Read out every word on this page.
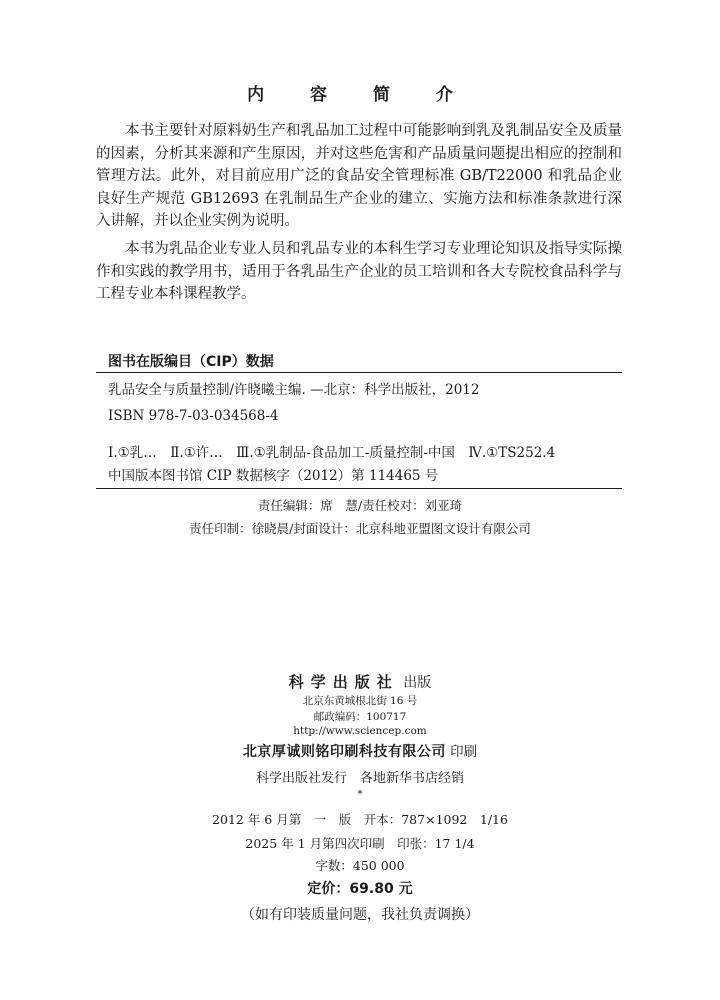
内 容 简 介

本书主要针对原料奶生产和乳品加工过程中可能影响到乳及乳制品安全及质量的因素，分析其来源和产生原因，并对这些危害和产品质量问题提出相应的控制和管理方法。此外，对目前应用广泛的食品安全管理标准 GB/T22000 和乳品企业良好生产规范 GB12693 在乳制品生产企业的建立、实施方法和标准条款进行深入讲解，并以企业实例为说明。

本书为乳品企业专业人员和乳品专业的本科生学习专业理论知识及指导实际操作和实践的教学用书，适用于各乳品生产企业的员工培训和各大专院校食品科学与工程专业本科课程教学。

图书在版编目（CIP）数据
乳品安全与质量控制/许晓曦主编. —北京：科学出版社，2012
ISBN 978-7-03-034568-4
Ⅰ.①乳…　Ⅱ.①许…　Ⅲ.①乳制品-食品加工-质量控制-中国　Ⅳ.①TS252.4
中国版本图书馆 CIP 数据核字（2012）第 114465 号
责任编辑：席　慧/责任校对：刘亚琦
责任印制：徐晓晨/封面设计：北京科地亚盟图文设计有限公司
科学出版社 出版
北京东黄城根北街 16 号
邮政编码：100717
http://www.sciencep.com
北京厚诚则铭印刷科技有限公司 印刷
科学出版社发行　各地新华书店经销
*
2012 年 6 月第　一　版　开本：787×1092　1/16
2025 年 1 月第四次印刷　印张：17 1/4
字数：450 000
定价：69.80 元
（如有印装质量问题，我社负责调换）
